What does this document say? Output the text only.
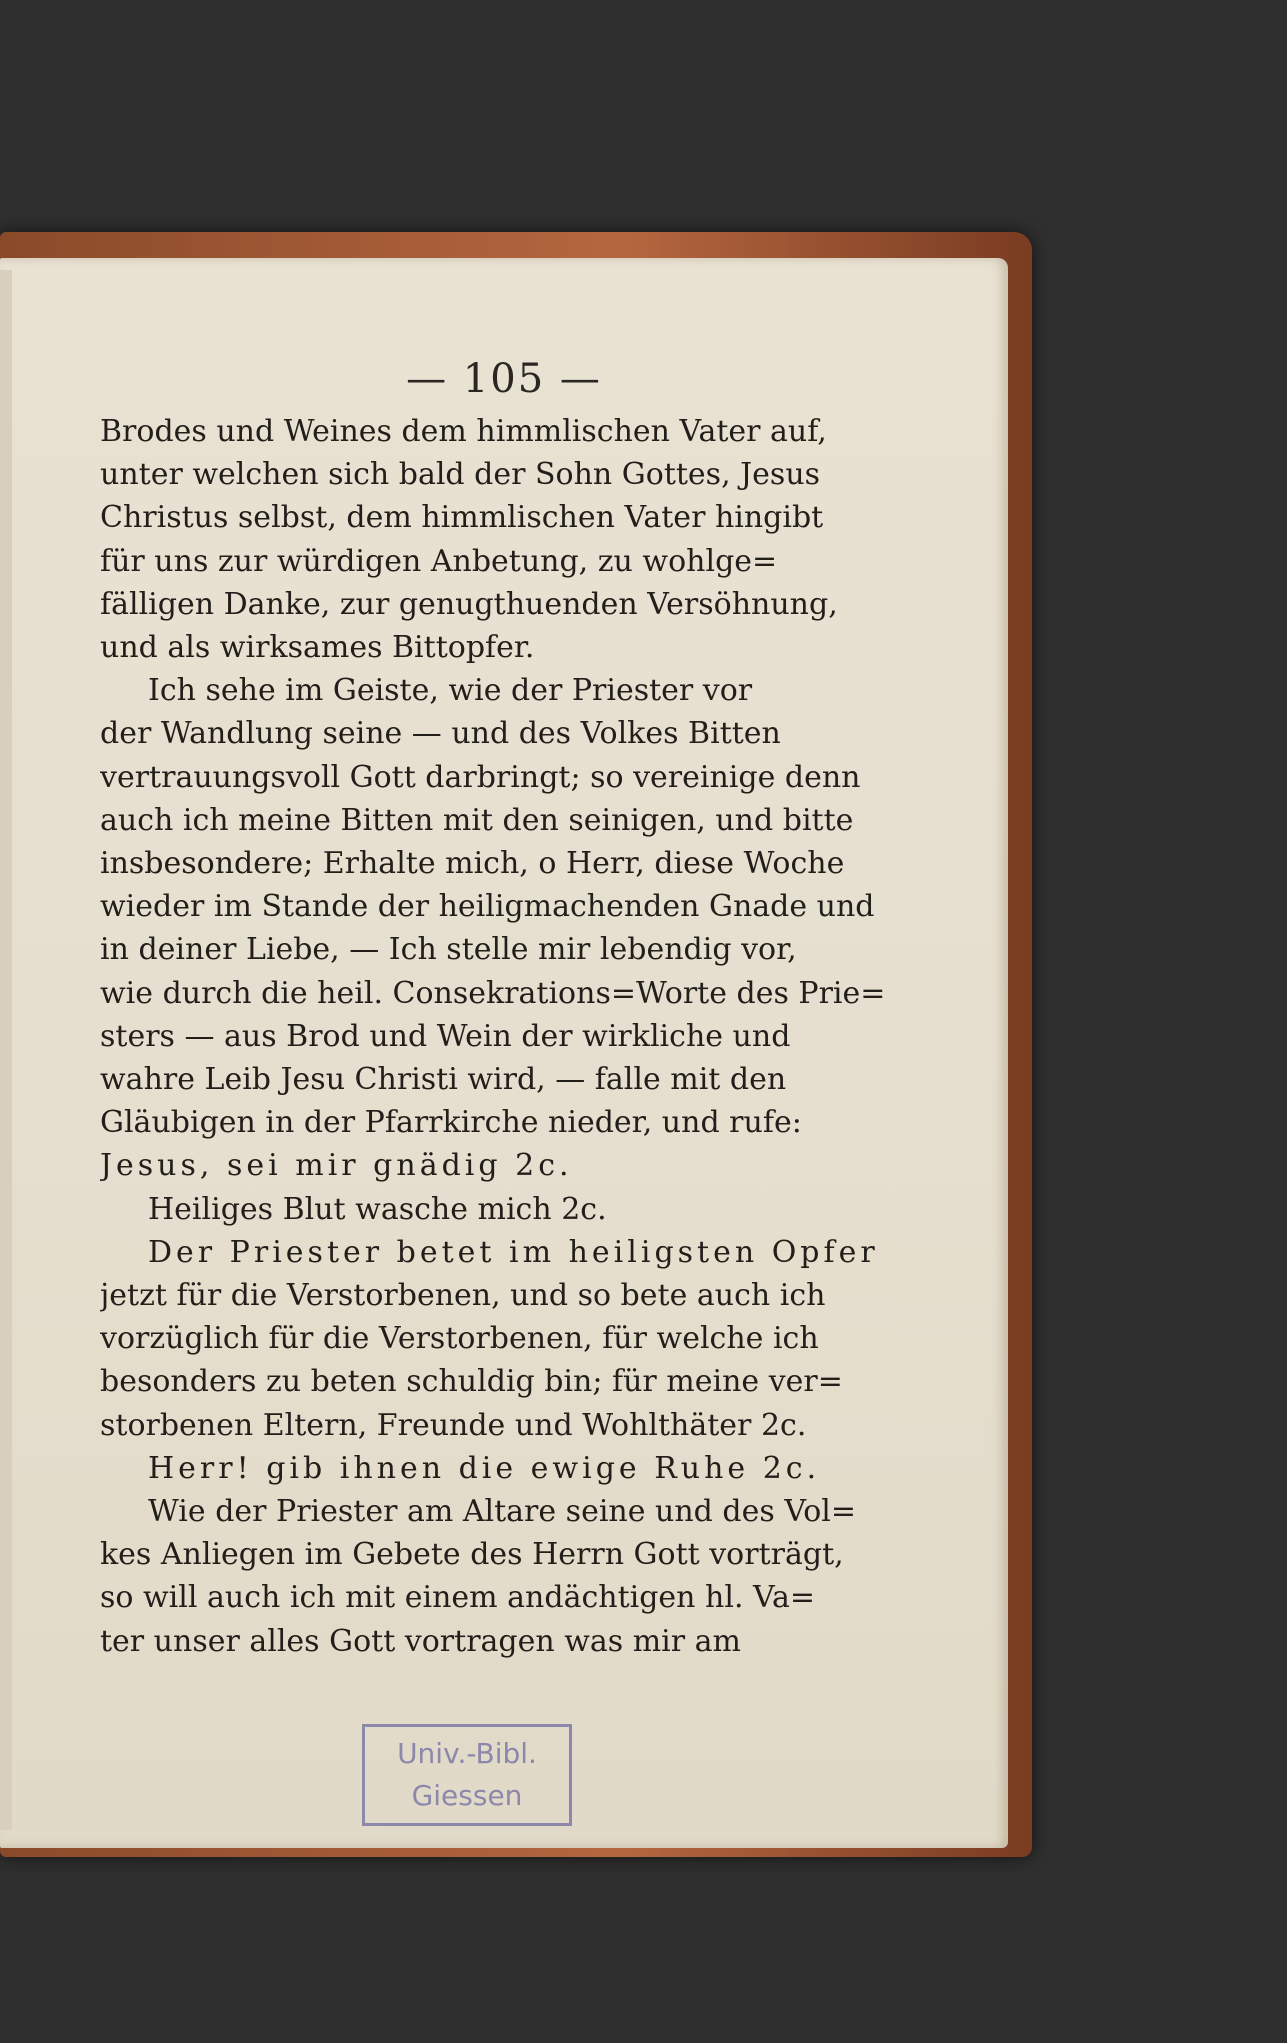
— 105 —
Brodes und Weines dem himmlischen Vater auf,
unter welchen sich bald der Sohn Gottes, Jesus
Christus selbst, dem himmlischen Vater hingibt
für uns zur würdigen Anbetung, zu wohlge=
fälligen Danke, zur genugthuenden Versöhnung,
und als wirksames Bittopfer.
Ich sehe im Geiste, wie der Priester vor
der Wandlung seine — und des Volkes Bitten
vertrauungsvoll Gott darbringt; so vereinige denn
auch ich meine Bitten mit den seinigen, und bitte
insbesondere; Erhalte mich, o Herr, diese Woche
wieder im Stande der heiligmachenden Gnade und
in deiner Liebe, — Ich stelle mir lebendig vor,
wie durch die heil. Consekrations=Worte des Prie=
sters — aus Brod und Wein der wirkliche und
wahre Leib Jesu Christi wird, — falle mit den
Gläubigen in der Pfarrkirche nieder, und rufe:
Jesus, sei mir gnädig 2c.
Heiliges Blut wasche mich 2c.
Der Priester betet im heiligsten Opfer
jetzt für die Verstorbenen, und so bete auch ich
vorzüglich für die Verstorbenen, für welche ich
besonders zu beten schuldig bin; für meine ver=
storbenen Eltern, Freunde und Wohlthäter 2c.
Herr! gib ihnen die ewige Ruhe 2c.
Wie der Priester am Altare seine und des Vol=
kes Anliegen im Gebete des Herrn Gott vorträgt,
so will auch ich mit einem andächtigen hl. Va=
ter unser alles Gott vortragen was mir am
Univ.-Bibl.
Giessen
